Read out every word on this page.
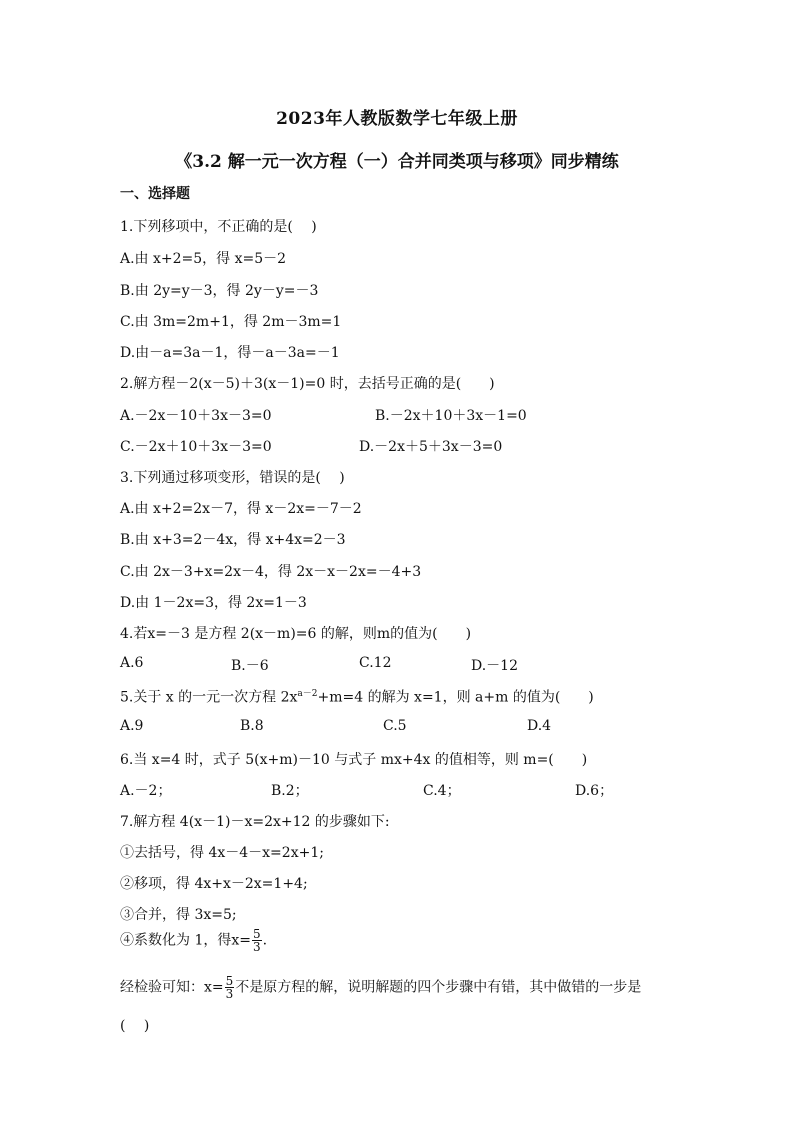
2023年人教版数学七年级上册
《3.2 解一元一次方程（一）合并同类项与移项》同步精练
一、选择题
1.下列移项中，不正确的是(　 )
A.由 x+2=5，得 x=5－2
B.由 2y=y－3，得 2y－y=－3
C.由 3m=2m+1，得 2m－3m=1
D.由－a=3a－1，得－a－3a=－1
2.解方程－2(x－5)＋3(x－1)=0 时，去括号正确的是(　　)
A.－2x－10＋3x－3=0	B.－2x＋10＋3x－1=0
C.－2x＋10＋3x－3=0	D.－2x＋5＋3x－3=0
3.下列通过移项变形，错误的是(　 )
A.由 x+2=2x－7，得 x－2x=－7－2
B.由 x+3=2－4x，得 x+4x=2－3
C.由 2x－3+x=2x－4，得 2x－x－2x=－4+3
D.由 1－2x=3，得 2x=1－3
4.若x=－3 是方程 2(x－m)=6 的解，则m的值为(　　)
A.6	B.－6	C.12	D.－12
5.关于 x 的一元一次方程 $2x^{a-2}+m=4$ 的解为 x=1，则 a+m 的值为(　　)
A.9	B.8	C.5	D.4
6.当 x=4 时，式子 5(x+m)－10 与式子 mx+4x 的值相等，则 m=(　　)
A.－2；	B.2；	C.4；	D.6；
7.解方程 4(x－1)－x=2x+12 的步骤如下:
①去括号，得 4x－4－x=2x+1;
②移项，得 4x+x－2x=1+4;
③合并，得 3x=5;
④系数化为 1，得$x= \frac{5}{3}$ .
经检验可知：$x= \frac{5}{3}$ 不是原方程的解，说明解题的四个步骤中有错，其中做错的一步是
(　 )
